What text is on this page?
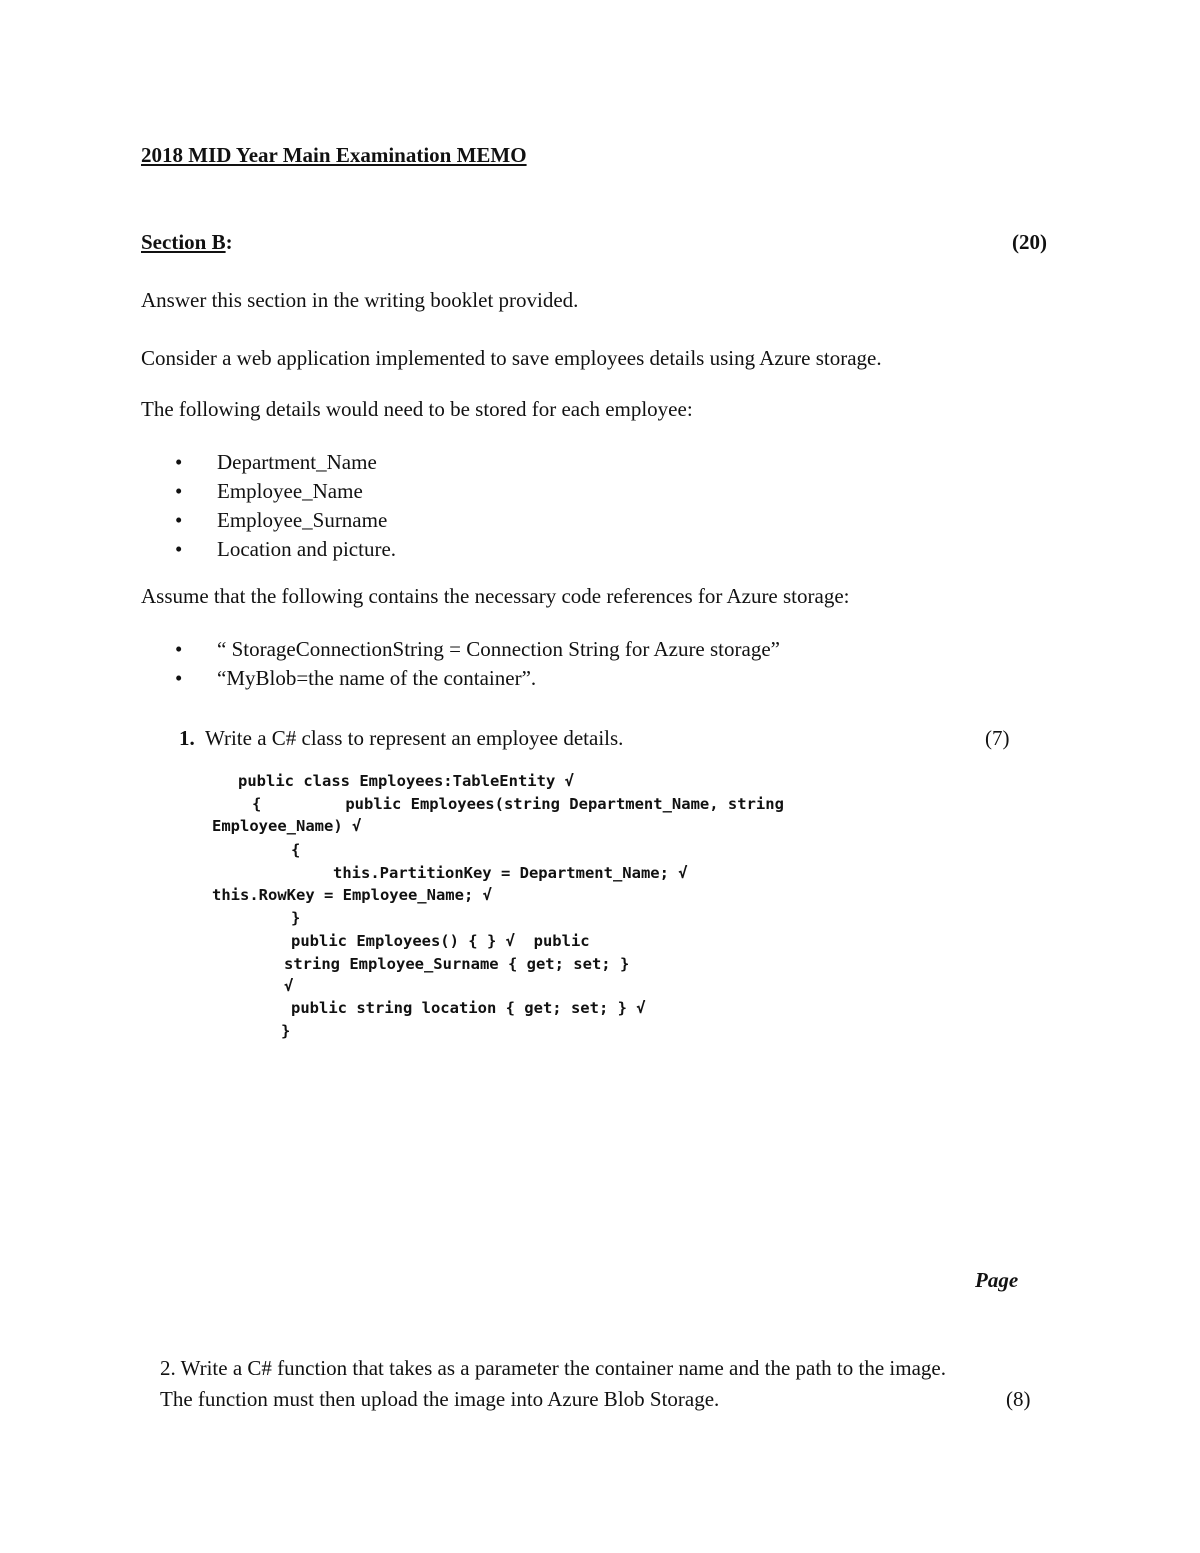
2018 MID Year Main Examination MEMO
Section B:	(20)
Answer this section in the writing booklet provided.
Consider a web application implemented to save employees details using Azure storage.
The following details would need to be stored for each employee:
• Department_Name
• Employee_Name
• Employee_Surname
• Location and picture.
Assume that the following contains the necessary code references for Azure storage:
• “ StorageConnectionString = Connection String for Azure storage”
• “MyBlob=the name of the container”.
1. Write a C# class to represent an employee details.	(7)
public class Employees:TableEntity √
{         public Employees(string Department_Name, string
Employee_Name) √
{
this.PartitionKey = Department_Name; √
this.RowKey = Employee_Name; √
}
public Employees() { } √  public
string Employee_Surname { get; set; }
√
public string location { get; set; } √
}
Page
2. Write a C# function that takes as a parameter the container name and the path to the image.
The function must then upload the image into Azure Blob Storage.	(8)
